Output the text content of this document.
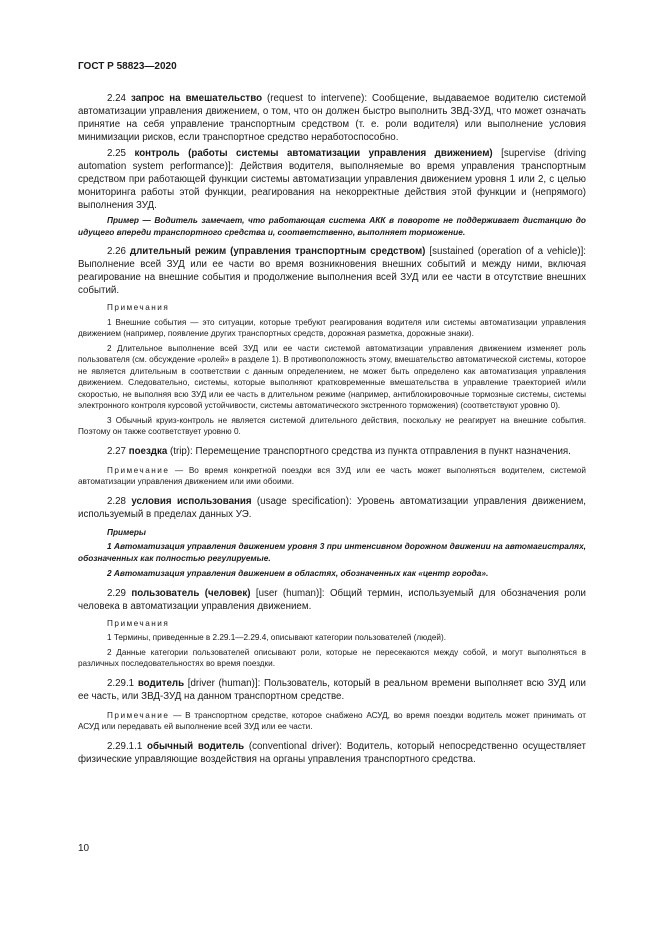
ГОСТ Р 58823—2020

2.24 запрос на вмешательство (request to intervene): Сообщение, выдаваемое водителю системой автоматизации управления движением, о том, что он должен быстро выполнить ЗВД-ЗУД, что может означать принятие на себя управление транспортным средством (т. е. роли водителя) или выполнение условия минимизации рисков, если транспортное средство неработоспособно.

2.25 контроль (работы системы автоматизации управления движением) [supervise (driving automation system performance)]: Действия водителя, выполняемые во время управления транспортным средством при работающей функции системы автоматизации управления движением уровня 1 или 2, с целью мониторинга работы этой функции, реагирования на некорректные действия этой функции и (непрямого) выполнения ЗУД.

Пример — Водитель замечает, что работающая система АКК в повороте не поддерживает дистанцию до идущего впереди транспортного средства и, соответственно, выполняет торможение.

2.26 длительный режим (управления транспортным средством) [sustained (operation of a vehicle)]: Выполнение всей ЗУД или ее части во время возникновения внешних событий и между ними, включая реагирование на внешние события и продолжение выполнения всей ЗУД или ее части в отсутствие внешних событий.

Примечания

1 Внешние события — это ситуации, которые требуют реагирования водителя или системы автоматизации управления движением (например, появление других транспортных средств, дорожная разметка, дорожные знаки).

2 Длительное выполнение всей ЗУД или ее части системой автоматизации управления движением изменяет роль пользователя (см. обсуждение «ролей» в разделе 1). В противоположность этому, вмешательство автоматической системы, которое не является длительным в соответствии с данным определением, не может быть определено как автоматизация управления движением. Следовательно, системы, которые выполняют кратковременные вмешательства в управление траекторией и/или скоростью, не выполняя всю ЗУД или ее часть в длительном режиме (например, антиблокировочные тормозные системы, системы электронного контроля курсовой устойчивости, системы автоматического экстренного торможения) (соответствуют уровню 0).

3 Обычный круиз-контроль не является системой длительного действия, поскольку не реагирует на внешние события. Поэтому он также соответствует уровню 0.

2.27 поездка (trip): Перемещение транспортного средства из пункта отправления в пункт назначения.

Примечание — Во время конкретной поездки вся ЗУД или ее часть может выполняться водителем, системой автоматизации управления движением или ими обоими.

2.28 условия использования (usage specification): Уровень автоматизации управления движением, используемый в пределах данных УЭ.

Примеры

1 Автоматизация управления движением уровня 3 при интенсивном дорожном движении на автомагистралях, обозначенных как полностью регулируемые.

2 Автоматизация управления движением в областях, обозначенных как «центр города».

2.29 пользователь (человек) [user (human)]: Общий термин, используемый для обозначения роли человека в автоматизации управления движением.

Примечания

1 Термины, приведенные в 2.29.1—2.29.4, описывают категории пользователей (людей).

2 Данные категории пользователей описывают роли, которые не пересекаются между собой, и могут выполняться в различных последовательностях во время поездки.

2.29.1 водитель [driver (human)]: Пользователь, который в реальном времени выполняет всю ЗУД или ее часть, или ЗВД-ЗУД на данном транспортном средстве.

Примечание — В транспортном средстве, которое снабжено АСУД, во время поездки водитель может принимать от АСУД или передавать ей выполнение всей ЗУД или ее части.

2.29.1.1 обычный водитель (conventional driver): Водитель, который непосредственно осуществляет физические управляющие воздействия на органы управления транспортного средства.

10
